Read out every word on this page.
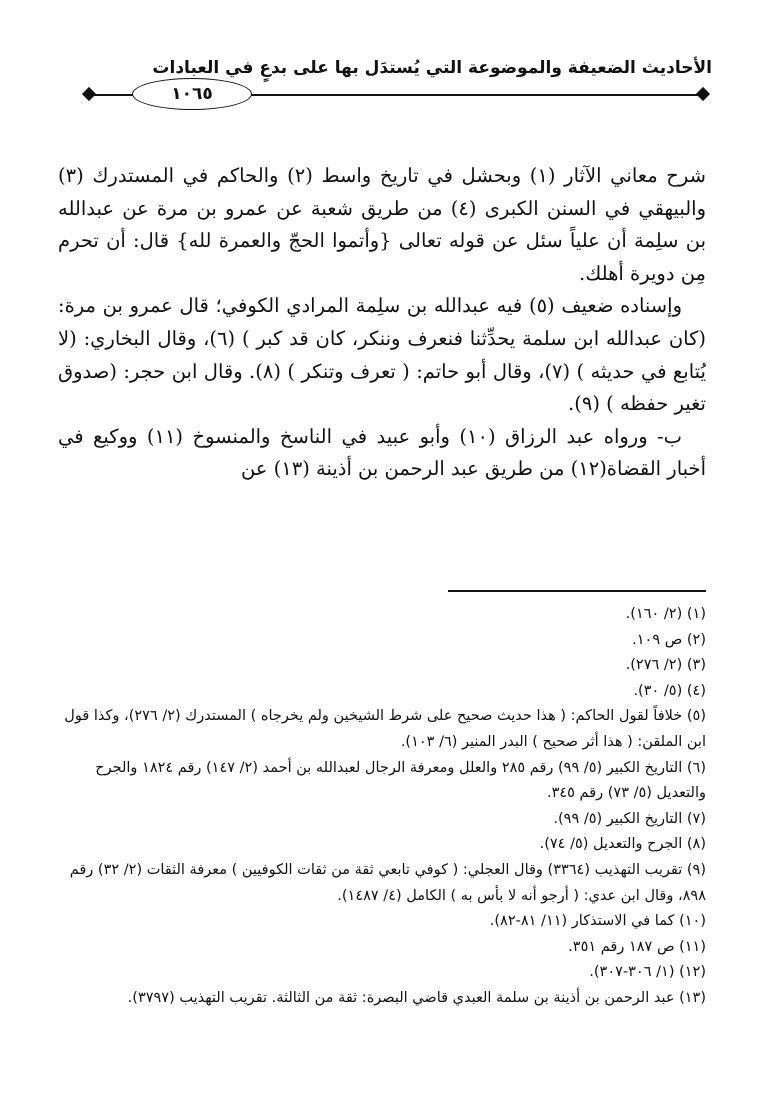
الأحاديث الضعيفة والموضوعة التي يُستدَل بها على بدعٍ في العبادات
١٠٦٥

شرح معاني الآثار (١) وبحشل في تاريخ واسط (٢) والحاكم في المستدرك (٣) والبيهقي في السنن الكبرى (٤) من طريق شعبة عن عمرو بن مرة عن عبدالله بن سلِمة أن علياً سئل عن قوله تعالى {وأتموا الحجّ والعمرة لله} قال: أن تحرم مِن دويرة أهلك.

وإسناده ضعيف (٥) فيه عبدالله بن سلِمة المرادي الكوفي؛ قال عمرو بن مرة: (كان عبدالله ابن سلمة يحدِّثنا فنعرف وننكر، كان قد كبر ) (٦)، وقال البخاري: (لا يُتابع في حديثه ) (٧)، وقال أبو حاتم: ( تعرف وتنكر ) (٨). وقال ابن حجر: (صدوق تغير حفظه ) (٩).

ب- ورواه عبد الرزاق (١٠) وأبو عبيد في الناسخ والمنسوخ (١١) ووكيع في أخبار القضاة(١٢) من طريق عبد الرحمن بن أذينة (١٣) عن

(١) (٢/ ١٦٠).

(٢) ص ١٠٩.

(٣) (٢/ ٢٧٦).

(٤) (٥/ ٣٠).

(٥) خلافاً لقول الحاكم: ( هذا حديث صحيح على شرط الشيخين ولم يخرجاه ) المستدرك (٢/ ٢٧٦)، وكذا قول ابن الملقن: ( هذا أثر صحيح ) البدر المنير (٦/ ١٠٣).

(٦) التاريخ الكبير (٥/ ٩٩) رقم ٢٨٥ والعلل ومعرفة الرجال لعبدالله بن أحمد (٢/ ١٤٧) رقم ١٨٢٤ والجرح والتعديل (٥/ ٧٣) رقم ٣٤٥.

(٧) التاريخ الكبير (٥/ ٩٩).

(٨) الجرح والتعديل (٥/ ٧٤).

(٩) تقريب التهذيب (٣٣٦٤) وقال العجلي: ( كوفي تابعي ثقة من ثقات الكوفيين ) معرفة الثقات (٢/ ٣٢) رقم ٨٩٨، وقال ابن عدي: ( أرجو أنه لا بأس به ) الكامل (٤/ ١٤٨٧).

(١٠) كما في الاستذكار (١١/ ٨١-٨٢).

(١١) ص ١٨٧ رقم ٣٥١.

(١٢) (١/ ٣٠٦-٣٠٧).

(١٣) عبد الرحمن بن أذينة بن سلمة العبدي قاضي البصرة: ثقة من الثالثة. تقريب التهذيب (٣٧٩٧).
